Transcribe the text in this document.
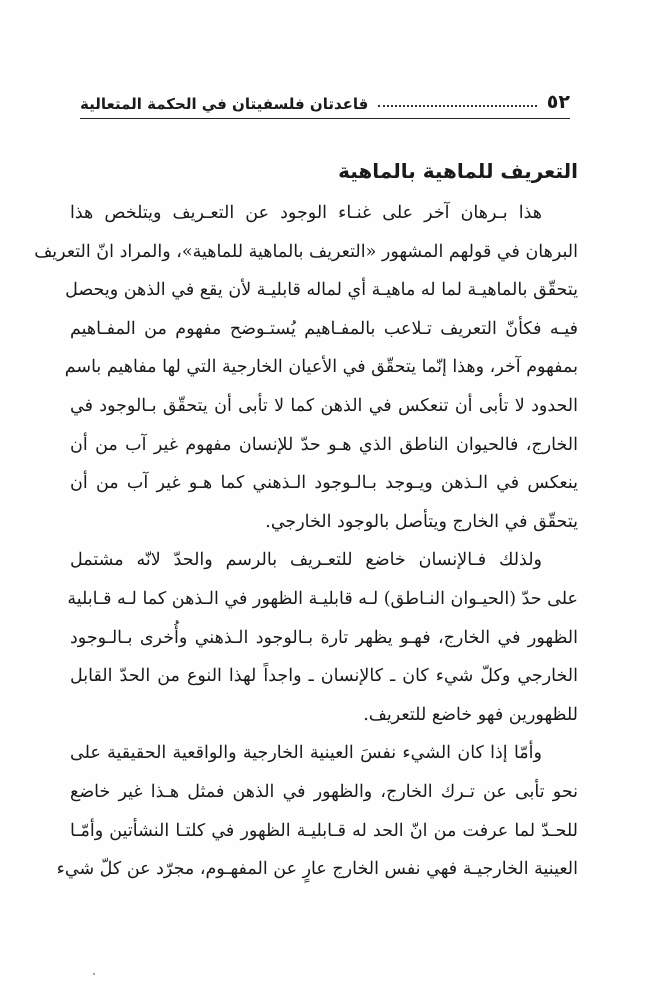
٥٢
قاعدتان فلسفيتان في الحكمة المتعالية
التعريف للماهية بالماهية

هذا بـرهان آخر على غنـاء الوجود عن التعـريف ويتلخص هذا
البرهان في قولهم المشهور «التعريف بالماهية للماهية»، والمراد انّ التعريف
يتحقّق بالماهيـة لما له ماهيـة أي لماله قابليـة لأن يقع في الذهن ويحصل
فيـه فكأنّ التعريف تـلاعب بالمفـاهيم يُستـوضح مفهوم من المفـاهيم
بمفهوم آخر، وهذا إنّما يتحقّق في الأعيان الخارجية التي لها مفاهيم باسم
الحدود لا تأبى أن تنعكس في الذهن كما لا تأبى أن يتحقّق بـالوجود في
الخارج، فالحيوان الناطق الذي هـو حدّ للإنسان مفهوم غير آب من أن
ينعكس في الـذهن ويـوجد بـالـوجود الـذهني كما هـو غير آب من أن
يتحقّق في الخارج ويتأصل بالوجود الخارجي.

ولذلك فـالإنسان خاضع للتعـريف بالرسم والحدّ لانّه مشتمل
على حدّ (الحيـوان النـاطق) لـه قابليـة الظهور في الـذهن كما لـه قـابلية
الظهور في الخارج، فهـو يظهر تارة بـالوجود الـذهني وأُخرى بـالـوجود
الخارجي وكلّ شيء كان ـ كالإنسان ـ واجداً لهذا النوع من الحدّ القابل
للظهورين فهو خاضع للتعريف.

وأمّا إذا كان الشيء نفسَ العينية الخارجية والواقعية الحقيقية على
نحو تأبى عن تـرك الخارج، والظهور في الذهن فمثل هـذا غير خاضع
للحـدّ لما عرفت من انّ الحد له قـابليـة الظهور في كلتـا النشأتين وأمّـا
العينية الخارجيـة فهي نفس الخارج عارٍ عن المفهـوم، مجرّد عن كلّ شيء
